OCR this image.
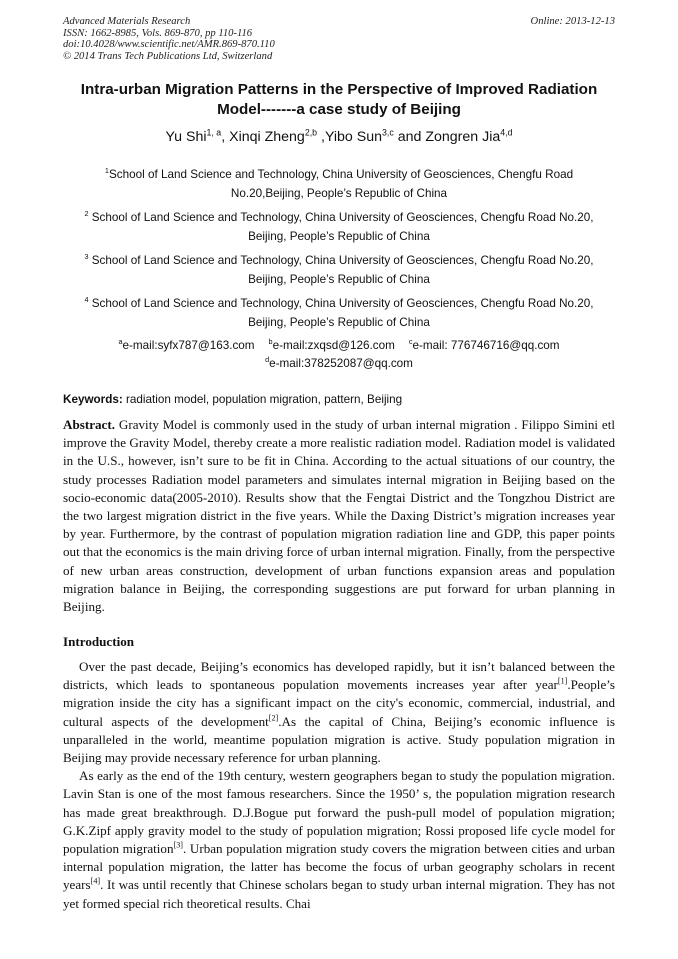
Advanced Materials Research
ISSN: 1662-8985, Vols. 869-870, pp 110-116
doi:10.4028/www.scientific.net/AMR.869-870.110
© 2014 Trans Tech Publications Ltd, Switzerland
Online: 2013-12-13
Intra-urban Migration Patterns in the Perspective of Improved Radiation
Model-------a case study of Beijing
Yu Shi$^{1, a}$, Xinqi Zheng$^{2,b}$ ,Yibo Sun$^{3,c}$ and Zongren Jia$^{4,d}$
$^1$School of Land Science and Technology, China University of Geosciences, Chengfu Road
No.20,Beijing, People’s Republic of China
$^2$ School of Land Science and Technology, China University of Geosciences, Chengfu Road No.20,
Beijing, People’s Republic of China
$^3$ School of Land Science and Technology, China University of Geosciences, Chengfu Road No.20,
Beijing, People’s Republic of China
$^4$ School of Land Science and Technology, China University of Geosciences, Chengfu Road No.20,
Beijing, People’s Republic of China
$^a$e-mail:syfx787@163.com $^b$e-mail:zxqsd@126.com $^c$e-mail: 776746716@qq.com
$^d$e-mail:378252087@qq.com
Keywords: radiation model, population migration, pattern, Beijing

Abstract. Gravity Model is commonly used in the study of urban internal migration . Filippo Simini etl improve the Gravity Model, thereby create a more realistic radiation model. Radiation model is validated in the U.S., however, isn’t sure to be fit in China. According to the actual situations of our country, the study processes Radiation model parameters and simulates internal migration in Beijing based on the socio-economic data(2005-2010). Results show that the Fengtai District and the Tongzhou District are the two largest migration district in the five years. While the Daxing District’s migration increases year by year. Furthermore, by the contrast of population migration radiation line and GDP, this paper points out that the economics is the main driving force of urban internal migration. Finally, from the perspective of new urban areas construction, development of urban functions expansion areas and population migration balance in Beijing, the corresponding suggestions are put forward for urban planning in Beijing.

Introduction

Over the past decade, Beijing’s economics has developed rapidly, but it isn’t balanced between the districts, which leads to spontaneous population movements increases year after year[1].People’s migration inside the city has a significant impact on the city's economic, commercial, industrial, and cultural aspects of the development[2].As the capital of China, Beijing’s economic influence is unparalleled in the world, meantime population migration is active. Study population migration in Beijing may provide necessary reference for urban planning.

As early as the end of the 19th century, western geographers began to study the population migration. Lavin Stan is one of the most famous researchers. Since the 1950’ s, the population migration research has made great breakthrough. D.J.Bogue put forward the push-pull model of population migration; G.K.Zipf apply gravity model to the study of population migration; Rossi proposed life cycle model for population migration[3]. Urban population migration study covers the migration between cities and urban internal population migration, the latter has become the focus of urban geography scholars in recent years[4]. It was until recently that Chinese scholars began to study urban internal migration. They has not yet formed special rich theoretical results. Chai
